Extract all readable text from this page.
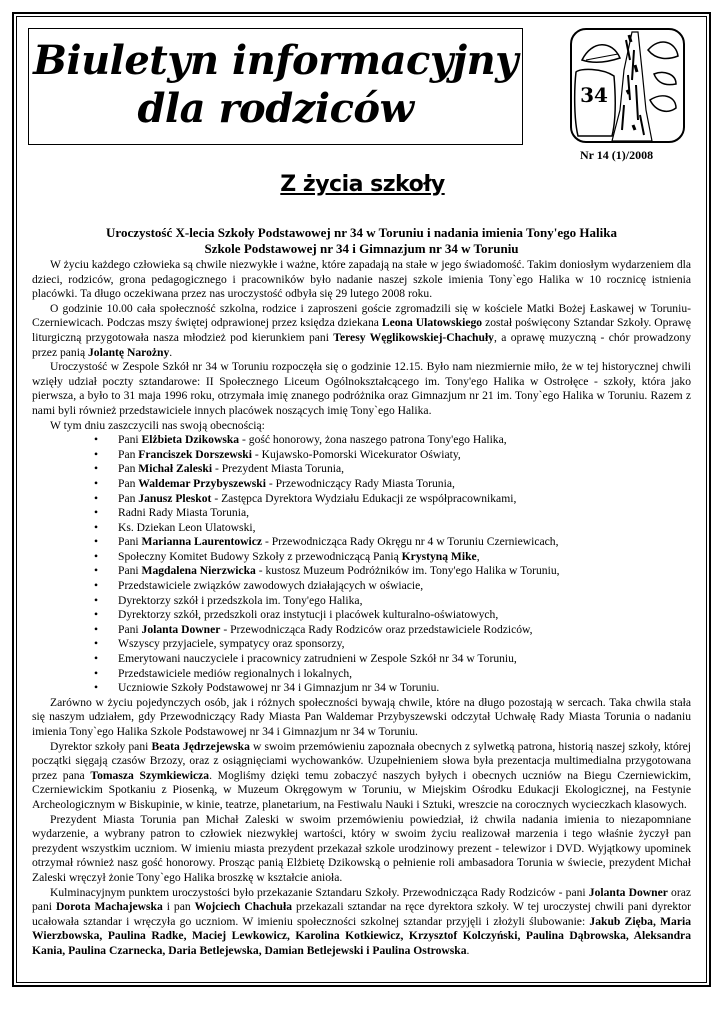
Biuletyn informacyjny
dla rodziców	34
Nr 14 (1)/2008
Z życia szkoły
Uroczystość X-lecia Szkoły Podstawowej nr 34 w Toruniu i nadania imienia Tony'ego Halika
Szkole Podstawowej nr 34 i Gimnazjum nr 34 w Toruniu

W życiu każdego człowieka są chwile niezwykłe i ważne, które zapadają na stałe w jego świadomość. Takim doniosłym wydarzeniem dla dzieci, rodziców, grona pedagogicznego i pracowników było nadanie naszej szkole imienia Tony`ego Halika w 10 rocznicę istnienia placówki. Ta długo oczekiwana przez nas uroczystość odbyła się 29 lutego 2008 roku.

O godzinie 10.00 cała społeczność szkolna, rodzice i zaproszeni goście zgromadzili się w kościele Matki Bożej Łaskawej w Toruniu-Czerniewicach. Podczas mszy świętej odprawionej przez księdza dziekana Leona Ulatowskiego został poświęcony Sztandar Szkoły. Oprawę liturgiczną przygotowała nasza młodzież pod kierunkiem pani Teresy Węglikowskiej-Chachuły, a oprawę muzyczną - chór prowadzony przez panią Jolantę Narożny.

Uroczystość w Zespole Szkół nr 34 w Toruniu rozpoczęła się o godzinie 12.15. Było nam niezmiernie miło, że w tej historycznej chwili wzięły udział poczty sztandarowe: II Społecznego Liceum Ogólnokształcącego im. Tony'ego Halika w Ostrołęce - szkoły, która jako pierwsza, a było to 31 maja 1996 roku, otrzymała imię znanego podróżnika oraz Gimnazjum nr 21 im. Tony`ego Halika w Toruniu. Razem z nami byli również przedstawiciele innych placówek noszących imię Tony`ego Halika.

W tym dniu zaszczycili nas swoją obecnością:

• Pani Elżbieta Dzikowska - gość honorowy, żona naszego patrona Tony'ego Halika,
• Pan Franciszek Dorszewski - Kujawsko-Pomorski Wicekurator Oświaty,
• Pan Michał Zaleski - Prezydent Miasta Torunia,
• Pan Waldemar Przybyszewski - Przewodniczący Rady Miasta Torunia,
• Pan Janusz Pleskot - Zastępca Dyrektora Wydziału Edukacji ze współpracownikami,
• Radni Rady Miasta Torunia,
• Ks. Dziekan Leon Ulatowski,
• Pani Marianna Laurentowicz - Przewodnicząca Rady Okręgu nr 4 w Toruniu Czerniewicach,
• Społeczny Komitet Budowy Szkoły z przewodniczącą Panią Krystyną Mike,
• Pani Magdalena Nierzwicka - kustosz Muzeum Podróżników im. Tony'ego Halika w Toruniu,
• Przedstawiciele związków zawodowych działających w oświacie,
• Dyrektorzy szkół i przedszkola im. Tony'ego Halika,
• Dyrektorzy szkół, przedszkoli oraz instytucji i placówek kulturalno-oświatowych,
• Pani Jolanta Downer - Przewodnicząca Rady Rodziców oraz przedstawiciele Rodziców,
• Wszyscy przyjaciele, sympatycy oraz sponsorzy,
• Emerytowani nauczyciele i pracownicy zatrudnieni w Zespole Szkół nr 34 w Toruniu,
• Przedstawiciele mediów regionalnych i lokalnych,
• Uczniowie Szkoły Podstawowej nr 34 i Gimnazjum nr 34 w Toruniu.

Zarówno w życiu pojedynczych osób, jak i różnych społeczności bywają chwile, które na długo pozostają w sercach. Taka chwila stała się naszym udziałem, gdy Przewodniczący Rady Miasta Pan Waldemar Przybyszewski odczytał Uchwałę Rady Miasta Torunia o nadaniu imienia Tony`ego Halika Szkole Podstawowej nr 34 i Gimnazjum nr 34 w Toruniu.

Dyrektor szkoły pani Beata Jędrzejewska w swoim przemówieniu zapoznała obecnych z sylwetką patrona, historią naszej szkoły, której początki sięgają czasów Brzozy, oraz z osiągnięciami wychowanków. Uzupełnieniem słowa była prezentacja multimedialna przygotowana przez pana Tomasza Szymkiewicza. Mogliśmy dzięki temu zobaczyć naszych byłych i obecnych uczniów na Biegu Czerniewickim, Czerniewickim Spotkaniu z Piosenką, w Muzeum Okręgowym w Toruniu, w Miejskim Ośrodku Edukacji Ekologicznej, na Festynie Archeologicznym w Biskupinie, w kinie, teatrze, planetarium, na Festiwalu Nauki i Sztuki, wreszcie na corocznych wycieczkach klasowych.

Prezydent Miasta Torunia pan Michał Zaleski w swoim przemówieniu powiedział, iż chwila nadania imienia to niezapomniane wydarzenie, a wybrany patron to człowiek niezwykłej wartości, który w swoim życiu realizował marzenia i tego właśnie życzył pan prezydent wszystkim uczniom. W imieniu miasta prezydent przekazał szkole urodzinowy prezent - telewizor i DVD. Wyjątkowy upominek otrzymał również nasz gość honorowy. Prosząc panią Elżbietę Dzikowską o pełnienie roli ambasadora Torunia w świecie, prezydent Michał Zaleski wręczył żonie Tony`ego Halika broszkę w kształcie anioła.

Kulminacyjnym punktem uroczystości było przekazanie Sztandaru Szkoły. Przewodnicząca Rady Rodziców - pani Jolanta Downer oraz pani Dorota Machajewska i pan Wojciech Chachuła przekazali sztandar na ręce dyrektora szkoły. W tej uroczystej chwili pani dyrektor ucałowała sztandar i wręczyła go uczniom. W imieniu społeczności szkolnej sztandar przyjęli i złożyli ślubowanie: Jakub Zięba, Maria Wierzbowska, Paulina Radke, Maciej Lewkowicz, Karolina Kotkiewicz, Krzysztof Kolczyński, Paulina Dąbrowska, Aleksandra Kania, Paulina Czarnecka, Daria Betlejewska, Damian Betlejewski i Paulina Ostrowska.
